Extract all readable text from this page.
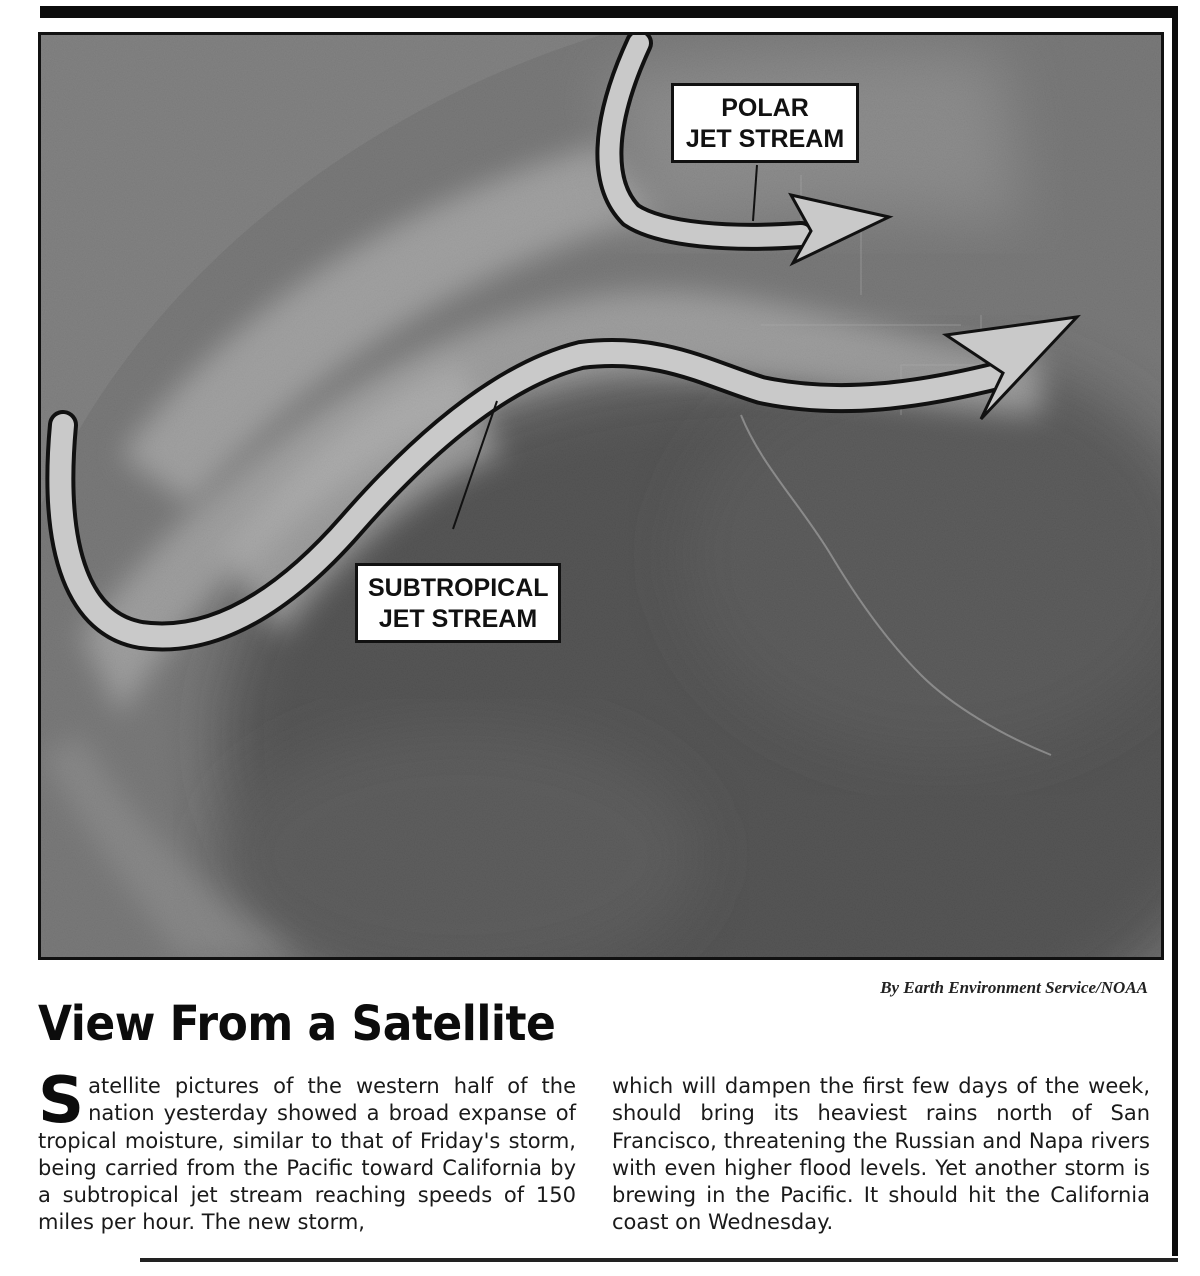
POLAR
JET STREAM
SUBTROPICAL
JET STREAM
By Earth Environment Service/NOAA
View From a Satellite

Satellite pictures of the western half of the nation yesterday showed a broad expanse of tropical moisture, similar to that of Friday's storm, being carried from the Pacific toward California by a subtropical jet stream reaching speeds of 150 miles per hour. The new storm,

which will dampen the first few days of the week, should bring its heaviest rains north of San Francisco, threatening the Russian and Napa rivers with even higher flood levels. Yet another storm is brewing in the Pacific. It should hit the California coast on Wednesday.
